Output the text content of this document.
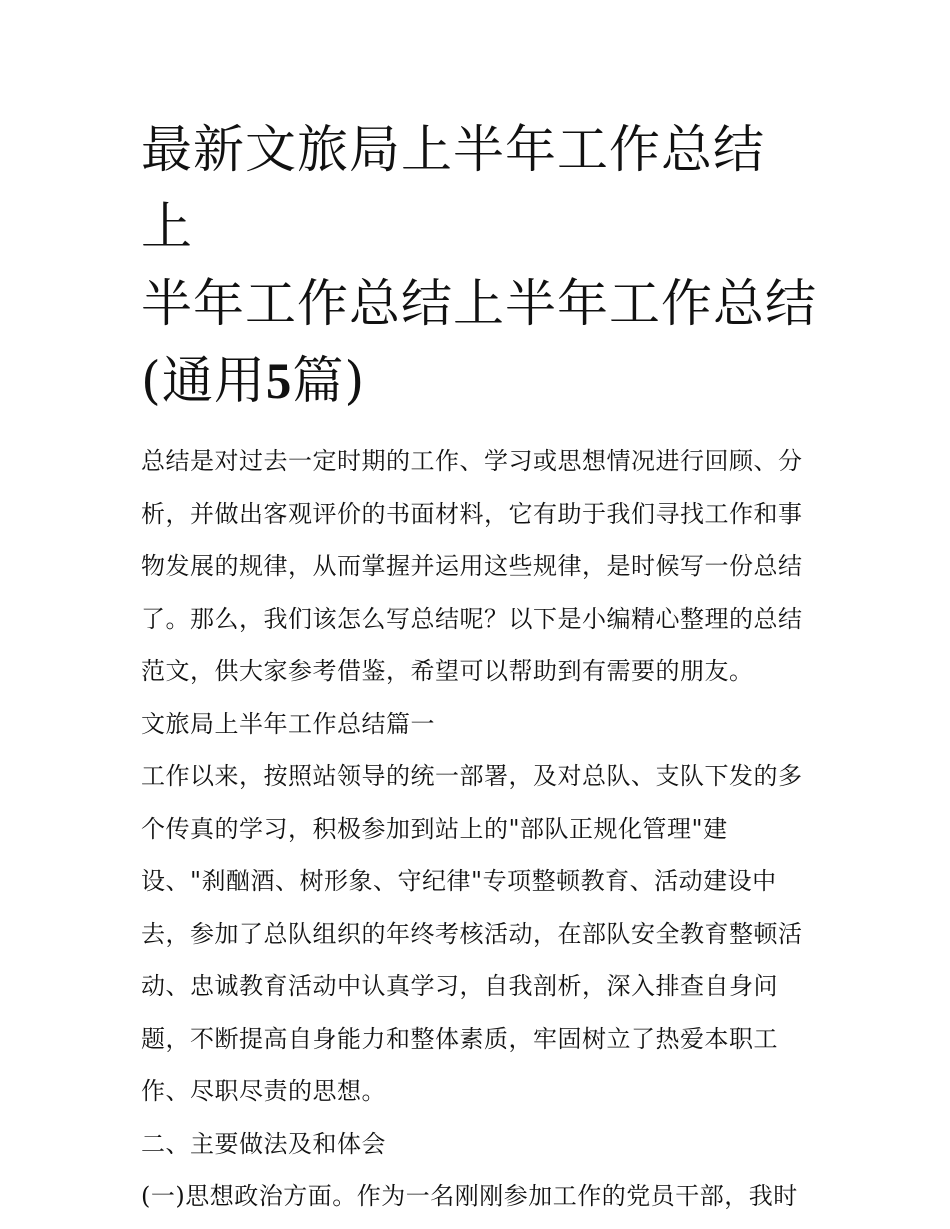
最新文旅局上半年工作总结 上
半年工作总结上半年工作总结
(通用5篇)
总结是对过去一定时期的工作、学习或思想情况进行回顾、分
析，并做出客观评价的书面材料，它有助于我们寻找工作和事
物发展的规律，从而掌握并运用这些规律，是时候写一份总结
了。那么，我们该怎么写总结呢？以下是小编精心整理的总结
范文，供大家参考借鉴，希望可以帮助到有需要的朋友。
文旅局上半年工作总结篇一
工作以来，按照站领导的统一部署，及对总队、支队下发的多
个传真的学习，积极参加到站上的"部队正规化管理"建
设、"刹酗酒、树形象、守纪律"专项整顿教育、活动建设中
去，参加了总队组织的年终考核活动，在部队安全教育整顿活
动、忠诚教育活动中认真学习，自我剖析，深入排查自身问
题，不断提高自身能力和整体素质，牢固树立了热爱本职工
作、尽职尽责的思想。
二、主要做法及和体会
(一)思想政治方面。作为一名刚刚参加工作的党员干部，我时
